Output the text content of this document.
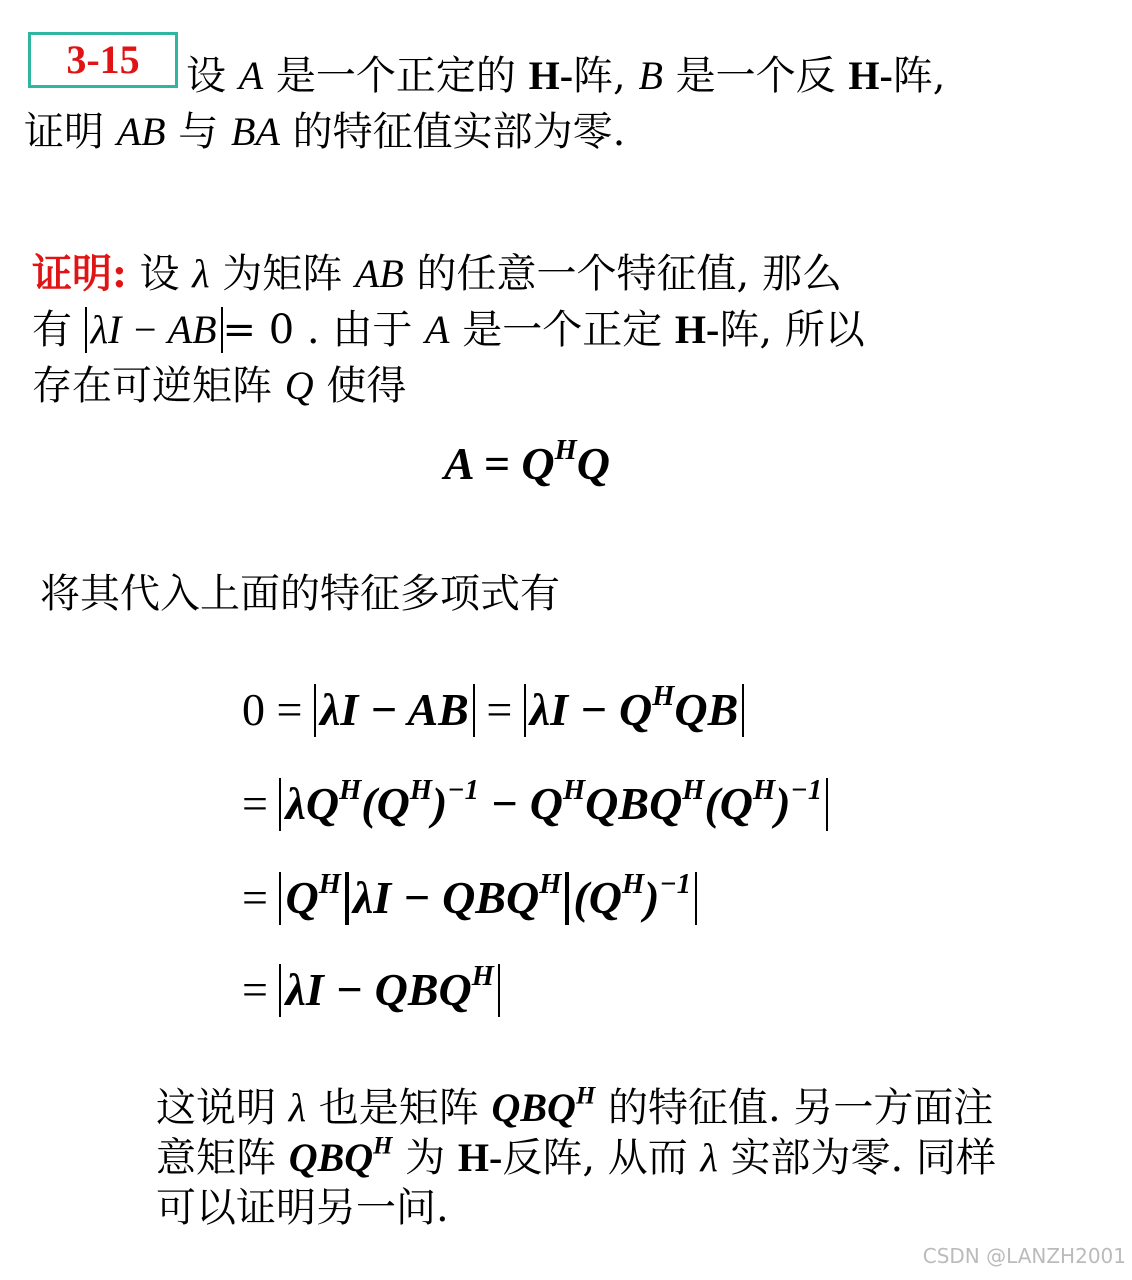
3-15	设 A 是一个正定的 H-阵, B 是一个反 H-阵,
证明 AB 与 BA 的特征值实部为零.
证明: 设 λ 为矩阵 AB 的任意一个特征值, 那么
有 λI − AB = 0 . 由于 A 是一个正定 H-阵, 所以
存在可逆矩阵 Q 使得
$A = Q^HQ$
将其代入上面的特征多项式有
0 = λI − AB = $\lambda I - Q^HQB$
= $\lambda Q^H(Q^H)^{-1} - Q^HQBQ^H(Q^H)^{-1}$
= $Q^H$ $\lambda I - QBQ^H$ $(Q^H)^{-1}$
= $\lambda I - QBQ^H$
这说明 λ 也是矩阵 $QBQ^H$ 的特征值. 另一方面注
意矩阵 $QBQ^H$ 为 H-反阵, 从而 λ 实部为零. 同样
可以证明另一问.
CSDN @LANZH2001
